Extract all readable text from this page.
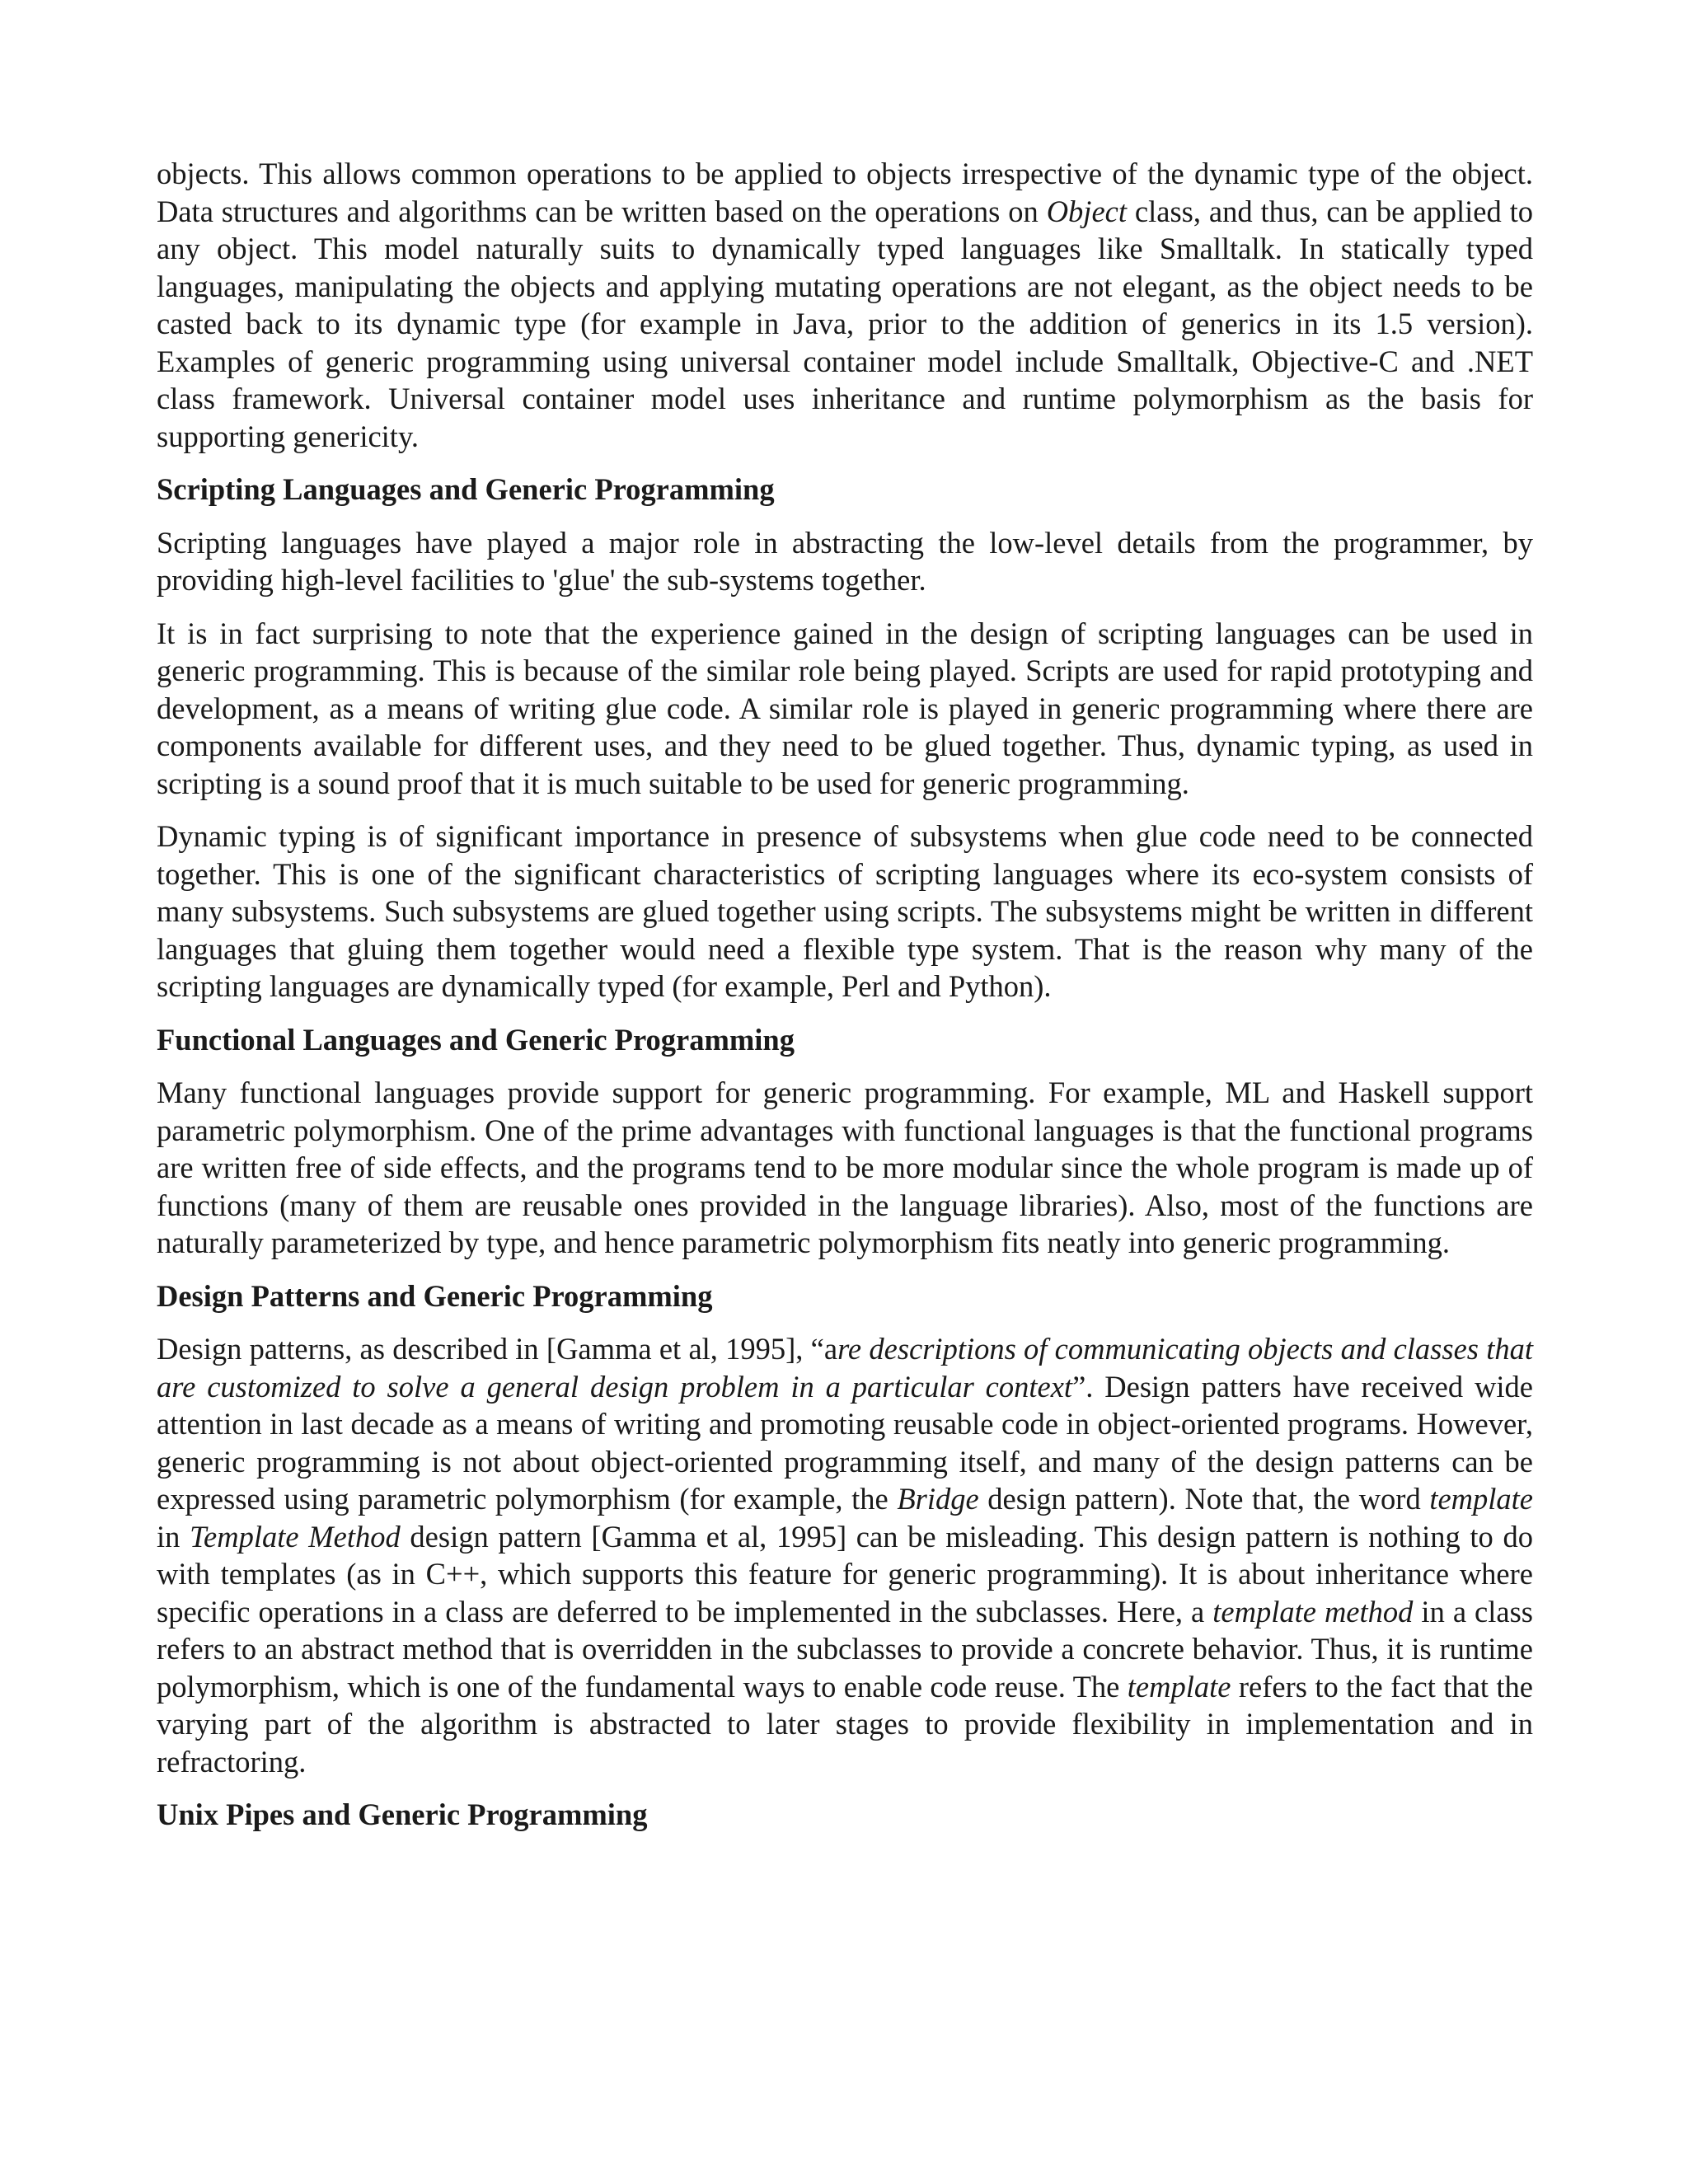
objects. This allows common operations to be applied to objects irrespective of the dynamic type of the object. Data structures and algorithms can be written based on the operations on Object class, and thus, can be applied to any object. This model naturally suits to dynamically typed languages like Smalltalk. In statically typed languages, manipulating the objects and applying mutating operations are not elegant, as the object needs to be casted back to its dynamic type (for example in Java, prior to the addition of generics in its 1.5 version). Examples of generic programming using universal container model include Smalltalk, Objective-C and .NET class framework. Universal container model uses inheritance and runtime polymorphism as the basis for supporting genericity.

Scripting Languages and Generic Programming

Scripting languages have played a major role in abstracting the low-level details from the programmer, by providing high-level facilities to 'glue' the sub-systems together.

It is in fact surprising to note that the experience gained in the design of scripting languages can be used in generic programming. This is because of the similar role being played. Scripts are used for rapid prototyping and development, as a means of writing glue code. A similar role is played in generic programming where there are components available for different uses, and they need to be glued together. Thus, dynamic typing, as used in scripting is a sound proof that it is much suitable to be used for generic programming.

Dynamic typing is of significant importance in presence of subsystems when glue code need to be connected together. This is one of the significant characteristics of scripting languages where its eco-system consists of many subsystems. Such subsystems are glued together using scripts. The subsystems might be written in different languages that gluing them together would need a flexible type system. That is the reason why many of the scripting languages are dynamically typed (for example, Perl and Python).

Functional Languages and Generic Programming

Many functional languages provide support for generic programming. For example, ML and Haskell support parametric polymorphism. One of the prime advantages with functional languages is that the functional programs are written free of side effects, and the programs tend to be more modular since the whole program is made up of functions (many of them are reusable ones provided in the language libraries). Also, most of the functions are naturally parameterized by type, and hence parametric polymorphism fits neatly into generic programming.

Design Patterns and Generic Programming

Design patterns, as described in [Gamma et al, 1995], “are descriptions of communicating objects and classes that are customized to solve a general design problem in a particular context”. Design patters have received wide attention in last decade as a means of writing and promoting reusable code in object-oriented programs. However, generic programming is not about object-oriented programming itself, and many of the design patterns can be expressed using parametric polymorphism (for example, the Bridge design pattern). Note that, the word template in Template Method design pattern [Gamma et al, 1995] can be misleading. This design pattern is nothing to do with templates (as in C++, which supports this feature for generic programming). It is about inheritance where specific operations in a class are deferred to be implemented in the subclasses. Here, a template method in a class refers to an abstract method that is overridden in the subclasses to provide a concrete behavior. Thus, it is runtime polymorphism, which is one of the fundamental ways to enable code reuse. The template refers to the fact that the varying part of the algorithm is abstracted to later stages to provide flexibility in implementation and in refractoring.

Unix Pipes and Generic Programming
